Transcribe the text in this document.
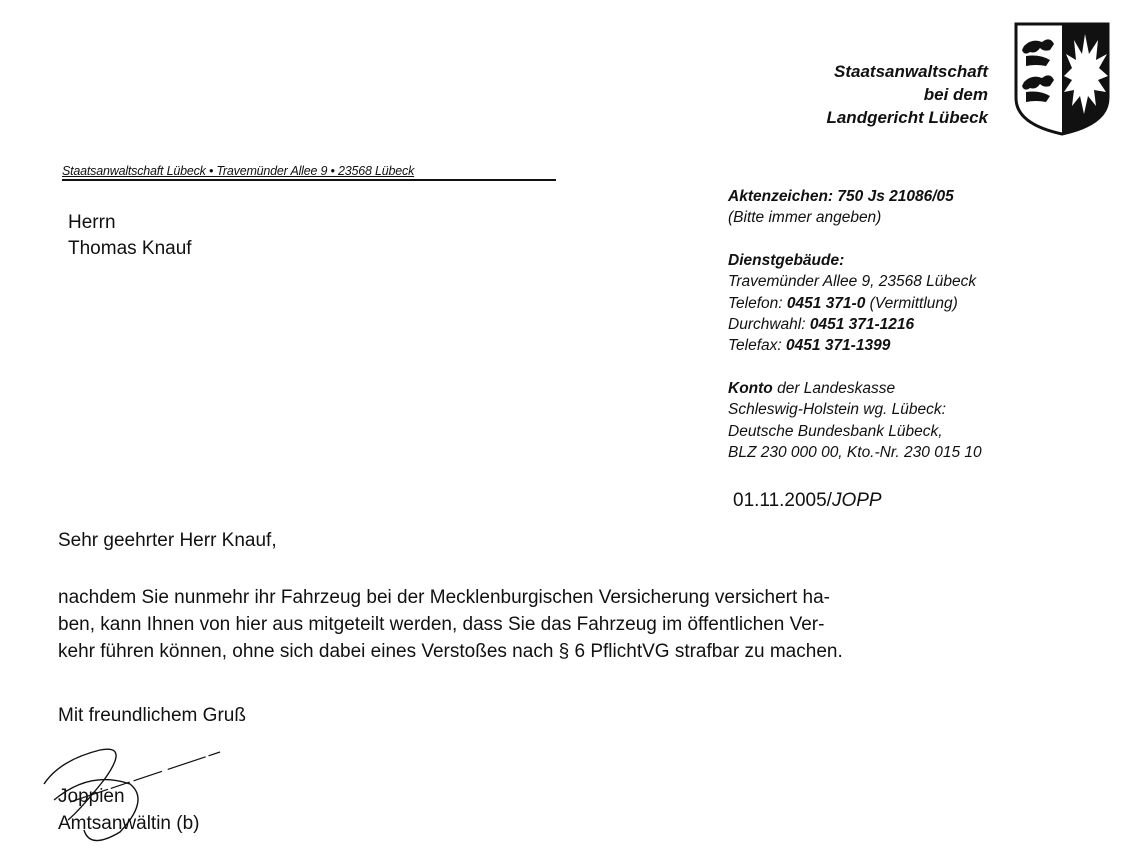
Staatsanwaltschaft
bei dem
Landgericht Lübeck
Staatsanwaltschaft Lübeck • Travemünder Allee 9 • 23568 Lübeck
Herrn
Thomas Knauf
Aktenzeichen: 750 Js 21086/05
(Bitte immer angeben)
Dienstgebäude:
Travemünder Allee 9, 23568 Lübeck
Telefon: 0451 371-0 (Vermittlung)
Durchwahl: 0451 371-1216
Telefax: 0451 371-1399
Konto der Landeskasse
Schleswig-Holstein wg. Lübeck:
Deutsche Bundesbank Lübeck,
BLZ 230 000 00, Kto.-Nr. 230 015 10
01.11.2005/JOPP
Sehr geehrter Herr Knauf,
nachdem Sie nunmehr ihr Fahrzeug bei der Mecklenburgischen Versicherung versichert ha-
ben, kann Ihnen von hier aus mitgeteilt werden, dass Sie das Fahrzeug im öffentlichen Ver-
kehr führen können, ohne sich dabei eines Verstoßes nach § 6 PflichtVG strafbar zu machen.
Mit freundlichem Gruß
Joppien
Amtsanwältin (b)
